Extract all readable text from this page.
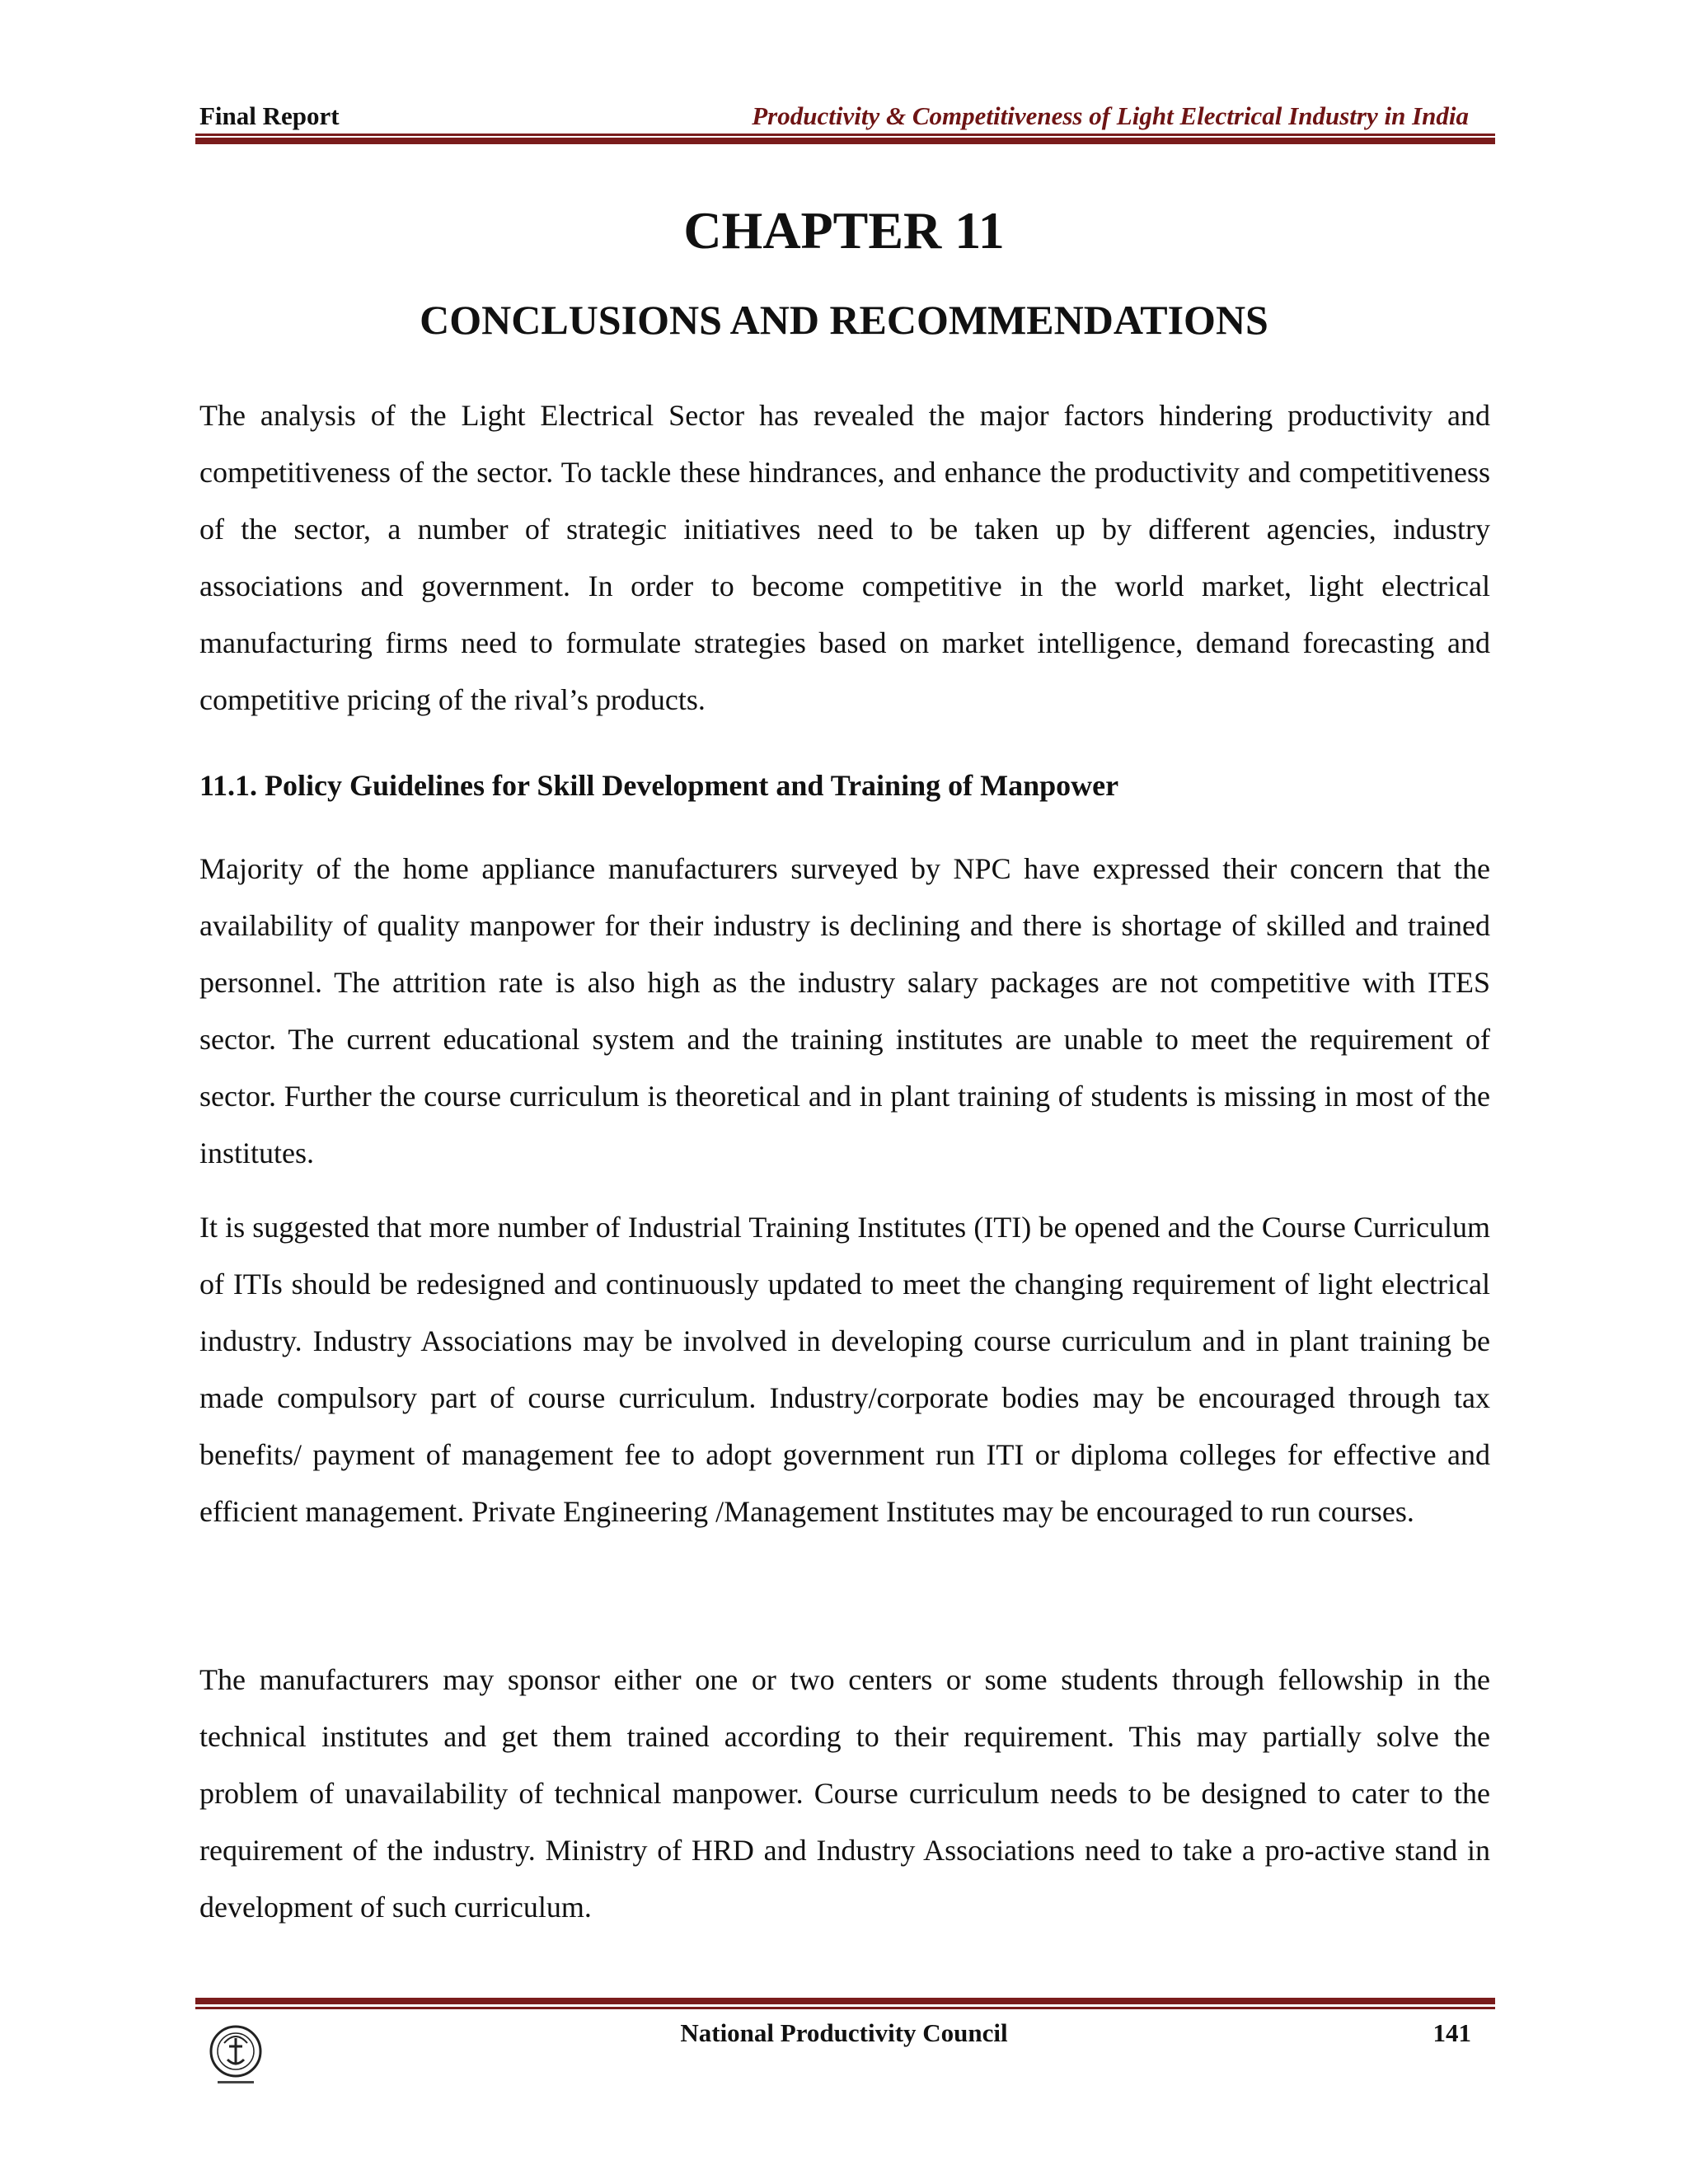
Final Report	Productivity & Competitiveness of Light Electrical Industry in India
CHAPTER 11
CONCLUSIONS AND RECOMMENDATIONS

The analysis of the Light Electrical Sector has revealed the major factors hindering productivity and competitiveness of the sector. To tackle these hindrances, and enhance the productivity and competitiveness of the sector, a number of strategic initiatives need to be taken up by different agencies, industry associations and government. In order to become competitive in the world market, light electrical manufacturing firms need to formulate strategies based on market intelligence, demand forecasting and competitive pricing of the rival’s products.

11.1. Policy Guidelines for Skill Development and Training of Manpower

Majority of the home appliance manufacturers surveyed by NPC have expressed their concern that the availability of quality manpower for their industry is declining and there is shortage of skilled and trained personnel. The attrition rate is also high as the industry salary packages are not competitive with ITES sector. The current educational system and the training institutes are unable to meet the requirement of sector. Further the course curriculum is theoretical and in plant training of students is missing in most of the institutes.

It is suggested that more number of Industrial Training Institutes (ITI) be opened and the Course Curriculum of ITIs should be redesigned and continuously updated to meet the changing requirement of light electrical industry. Industry Associations may be involved in developing course curriculum and in plant training be made compulsory part of course curriculum. Industry/corporate bodies may be encouraged through tax benefits/ payment of management fee to adopt government run ITI or diploma colleges for effective and efficient management. Private Engineering /Management Institutes may be encouraged to run courses.

The manufacturers may sponsor either one or two centers or some students through fellowship in the technical institutes and get them trained according to their requirement. This may partially solve the problem of unavailability of technical manpower. Course curriculum needs to be designed to cater to the requirement of the industry. Ministry of HRD and Industry Associations need to take a pro-active stand in development of such curriculum.

National Productivity Council	141
